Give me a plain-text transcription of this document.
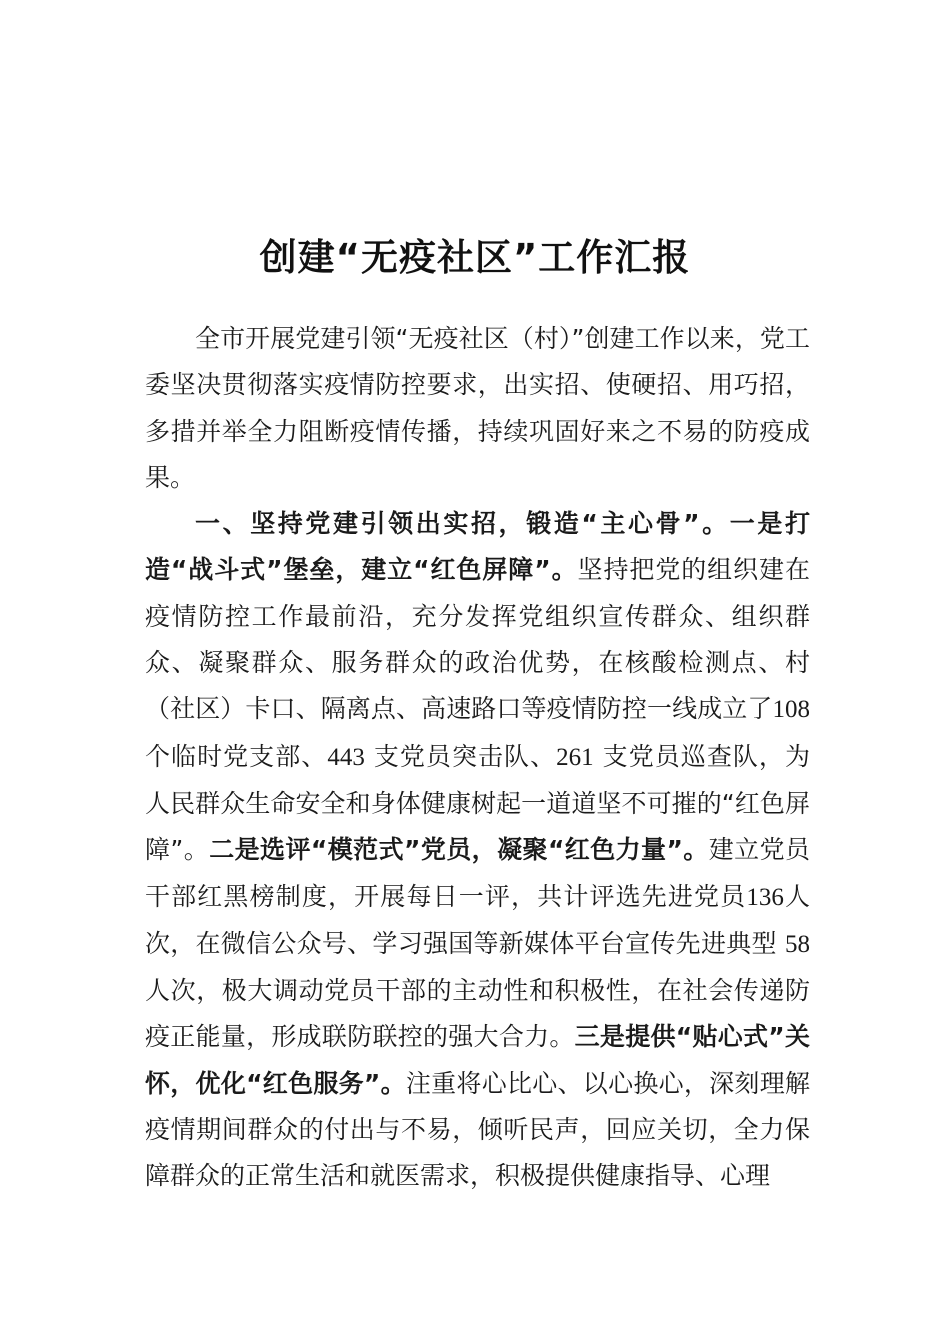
创建“无疫社区”工作汇报

全市开展党建引领“无疫社区（村）”创建工作以来，党工委坚决贯彻落实疫情防控要求，出实招、使硬招、用巧招，多措并举全力阻断疫情传播，持续巩固好来之不易的防疫成果。

一、坚持党建引领出实招，锻造“主心骨”。一是打造“战斗式”堡垒，建立“红色屏障”。坚持把党的组织建在疫情防控工作最前沿，充分发挥党组织宣传群众、组织群众、凝聚群众、服务群众的政治优势，在核酸检测点、村（社区）卡口、隔离点、高速路口等疫情防控一线成立了108 个临时党支部、443 支党员突击队、261 支党员巡查队，为人民群众生命安全和身体健康树起一道道坚不可摧的“红色屏障”。二是选评“模范式”党员，凝聚“红色力量”。建立党员干部红黑榜制度，开展每日一评，共计评选先进党员136人次，在微信公众号、学习强国等新媒体平台宣传先进典型 58 人次，极大调动党员干部的主动性和积极性，在社会传递防疫正能量，形成联防联控的强大合力。三是提供“贴心式”关怀，优化“红色服务”。注重将心比心、以心换心，深刻理解疫情期间群众的付出与不易，倾听民声，回应关切，全力保障群众的正常生活和就医需求，积极提供健康指导、心理
